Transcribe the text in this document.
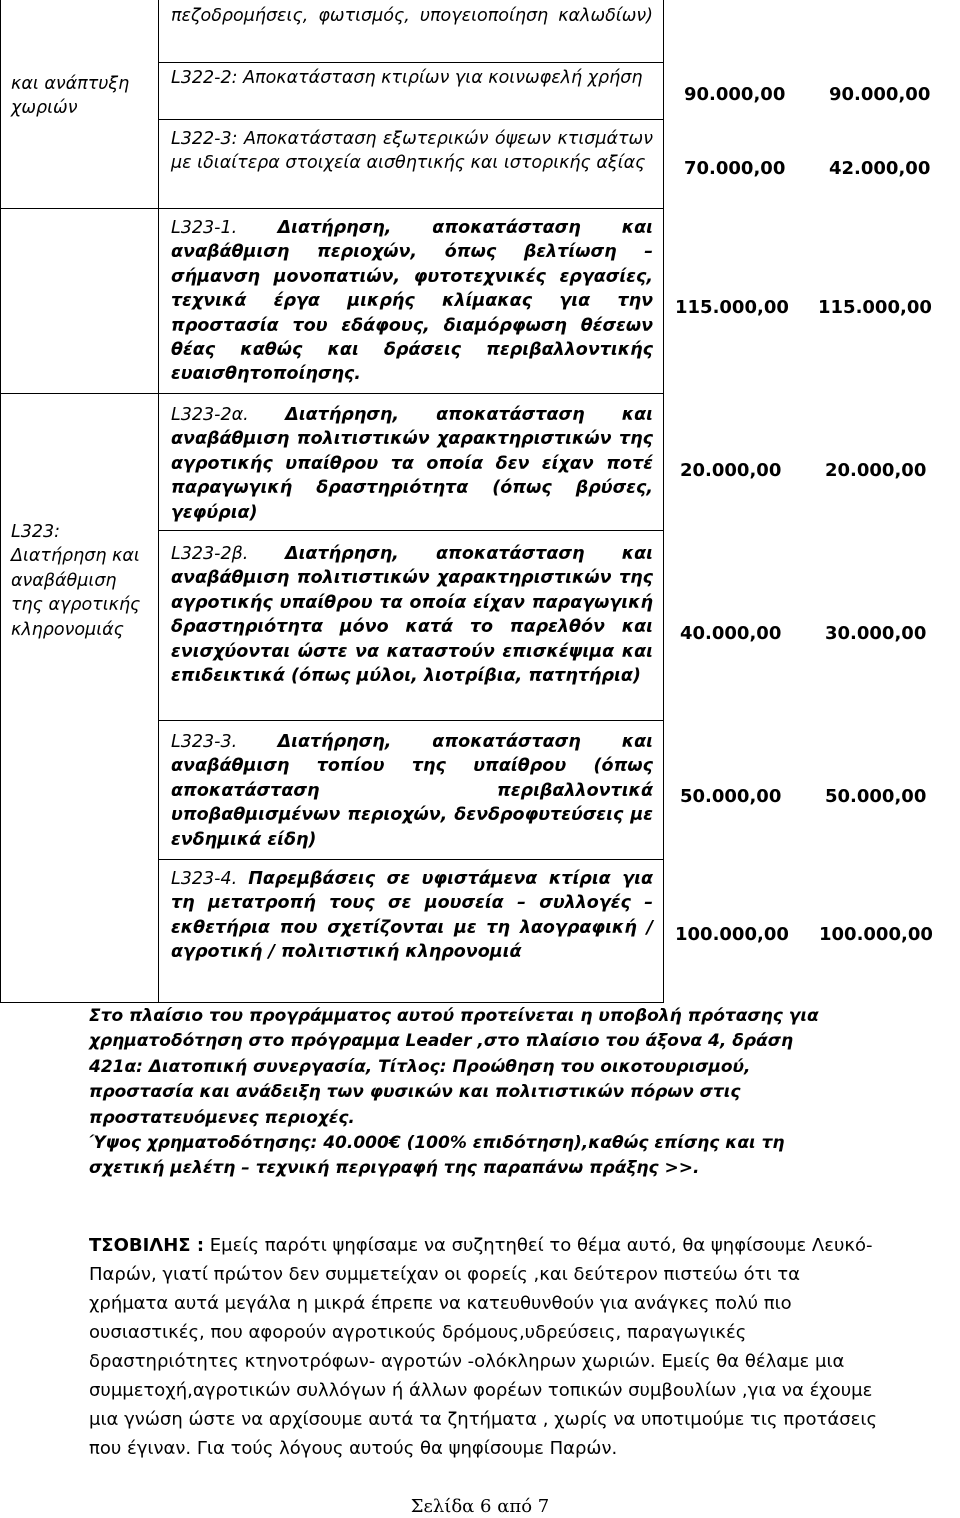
και ανάπτυξη χωριών
L323: Διατήρηση και αναβάθμιση της αγροτικής κληρονομιάς
πεζοδρομήσεις, φωτισμός, υπογειοποίηση καλωδίων)
L322-2: Αποκατάσταση κτιρίων για κοινωφελή χρήση
90.000,00 90.000,00
L322-3: Αποκατάσταση εξωτερικών όψεων κτισμάτων με ιδιαίτερα στοιχεία αισθητικής και ιστορικής αξίας	70.000,00 42.000,00
L323-1. Διατήρηση, αποκατάσταση και αναβάθμιση περιοχών, όπως βελτίωση – σήμανση μονοπατιών, φυτοτεχνικές εργασίες, τεχνικά έργα μικρής κλίμακας για την προστασία του εδάφους, διαμόρφωση θέσεων θέας καθώς και δράσεις περιβαλλοντικής ευαισθητοποίησης.
115.000,00 115.000,00
L323-2α. Διατήρηση, αποκατάσταση και αναβάθμιση πολιτιστικών χαρακτηριστικών της αγροτικής υπαίθρου τα οποία δεν είχαν ποτέ παραγωγική δραστηριότητα (όπως βρύσες, γεφύρια)
20.000,00 20.000,00
L323-2β. Διατήρηση, αποκατάσταση και αναβάθμιση πολιτιστικών χαρακτηριστικών της αγροτικής υπαίθρου τα οποία είχαν παραγωγική δραστηριότητα μόνο κατά το παρελθόν και ενισχύονται ώστε να καταστούν επισκέψιμα και επιδεικτικά (όπως μύλοι, λιοτρίβια, πατητήρια)
40.000,00 30.000,00
L323-3. Διατήρηση, αποκατάσταση και αναβάθμιση τοπίου της υπαίθρου (όπως αποκατάσταση περιβαλλοντικά υποβαθμισμένων περιοχών, δενδροφυτεύσεις με ενδημικά είδη)
50.000,00 50.000,00
L323-4. Παρεμβάσεις σε υφιστάμενα κτίρια για τη μετατροπή τους σε μουσεία – συλλογές – εκθετήρια που σχετίζονται με τη λαογραφική / αγροτική / πολιτιστική κληρονομιά
100.000,00 100.000,00
Στο πλαίσιο του προγράμματος αυτού προτείνεται η υποβολή πρότασης για χρηματοδότηση στο πρόγραμμα Leader ,στο πλαίσιο του άξονα 4, δράση 421α: Διατοπική συνεργασία, Τίτλος: Προώθηση του οικοτουρισμού, προστασία και ανάδειξη των φυσικών και πολιτιστικών πόρων στις προστατευόμενες περιοχές.
Ύψος χρηματοδότησης: 40.000€ (100% επιδότηση),καθώς επίσης και τη σχετική μελέτη – τεχνική περιγραφή της παραπάνω πράξης >>.
ΤΣΟΒΙΛΗΣ : Εμείς παρότι ψηφίσαμε να συζητηθεί το θέμα αυτό, θα ψηφίσουμε Λευκό-Παρών, γιατί πρώτον δεν συμμετείχαν οι φορείς ,και δεύτερον πιστεύω ότι τα χρήματα αυτά μεγάλα η μικρά έπρεπε να κατευθυνθούν για ανάγκες πολύ πιο ουσιαστικές, που αφορούν αγροτικούς δρόμους,υδρεύσεις, παραγωγικές δραστηριότητες κτηνοτρόφων- αγροτών -ολόκληρων χωριών. Εμείς θα θέλαμε μια συμμετοχή,αγροτικών συλλόγων ή άλλων φορέων τοπικών συμβουλίων ,για να έχουμε μια γνώση ώστε να αρχίσουμε αυτά τα ζητήματα , χωρίς να υποτιμούμε τις προτάσεις που έγιναν. Για τούς λόγους αυτούς θα ψηφίσουμε Παρών.
Σελίδα 6 από 7
